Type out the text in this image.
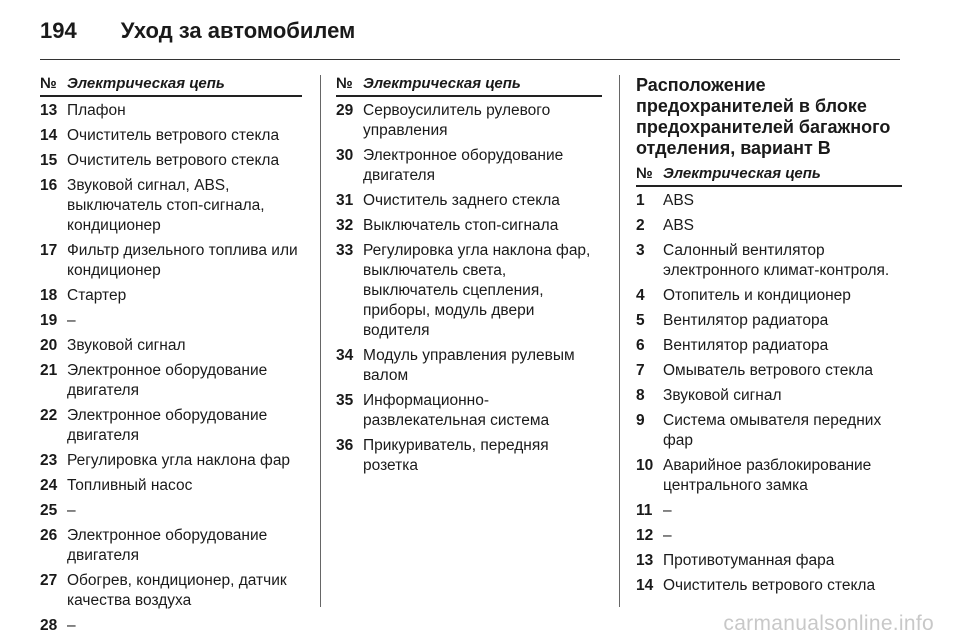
194 Уход за автомобилем
№ Электрическая цепь
13 Плафон
14 Очиститель ветрового стекла
15 Очиститель ветрового стекла
16 Звуковой сигнал, ABS, выключатель стоп-сигнала, кондиционер
17 Фильтр дизельного топлива или кондиционер
18 Стартер
19 –
20 Звуковой сигнал
21 Электронное оборудование двигателя
22 Электронное оборудование двигателя
23 Регулировка угла наклона фар
24 Топливный насос
25 –
26 Электронное оборудование двигателя
27 Обогрев, кондиционер, датчик качества воздуха
28 –
№ Электрическая цепь
29 Сервоусилитель рулевого управления
30 Электронное оборудование двигателя
31 Очиститель заднего стекла
32 Выключатель стоп-сигнала
33 Регулировка угла наклона фар, выключатель света, выключатель сцепления, приборы, модуль двери водителя
34 Модуль управления рулевым валом
35 Информационно-развлекательная система
36 Прикуриватель, передняя розетка
Расположение предохранителей в блоке предохранителей багажного отделения, вариант B
№ Электрическая цепь
1	ABS
2	ABS
3	Салонный вентилятор электронного климат-контроля.
4	Отопитель и кондиционер
5	Вентилятор радиатора
6	Вентилятор радиатора
7	Омыватель ветрового стекла
8	Звуковой сигнал
9	Система омывателя передних фар
10 Аварийное разблокирование центрального замка
11 –
12 –
13 Противотуманная фара
14 Очиститель ветрового стекла
carmanualsonline.info
